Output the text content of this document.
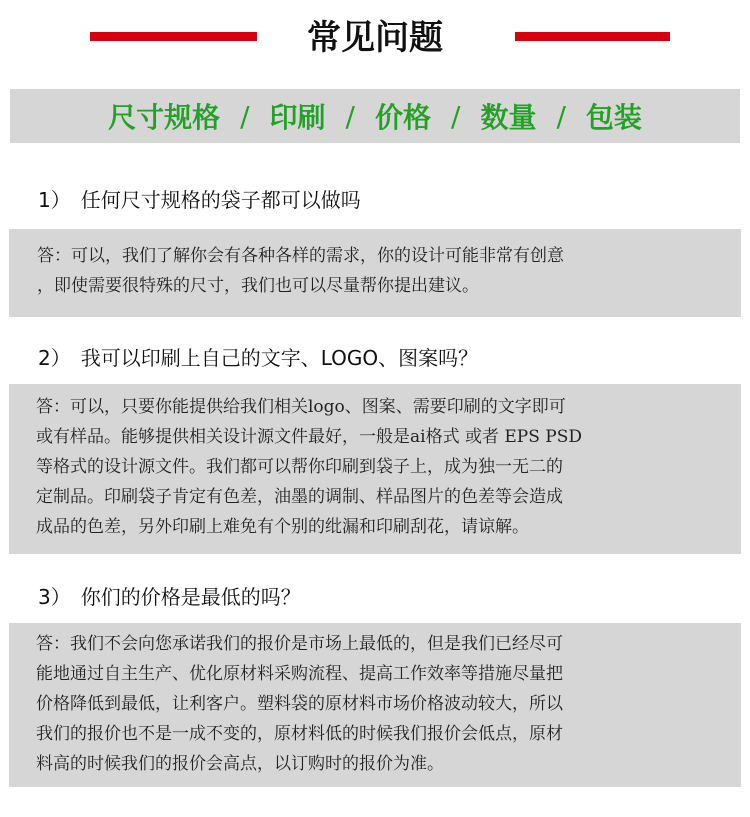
常见问题
尺寸规格 / 印刷 / 价格 / 数量 / 包装
1） 任何尺寸规格的袋子都可以做吗
答：可以，我们了解你会有各种各样的需求，你的设计可能非常有创意
，即使需要很特殊的尺寸，我们也可以尽量帮你提出建议。
2） 我可以印刷上自己的文字、LOGO、图案吗？
答：可以，只要你能提供给我们相关logo、图案、需要印刷的文字即可
或有样品。能够提供相关设计源文件最好，一般是ai格式 或者 EPS PSD
等格式的设计源文件。我们都可以帮你印刷到袋子上，成为独一无二的
定制品。印刷袋子肯定有色差，油墨的调制、样品图片的色差等会造成
成品的色差，另外印刷上难免有个别的纰漏和印刷刮花，请谅解。
3） 你们的价格是最低的吗？
答：我们不会向您承诺我们的报价是市场上最低的，但是我们已经尽可
能地通过自主生产、优化原材料采购流程、提高工作效率等措施尽量把
价格降低到最低，让利客户。塑料袋的原材料市场价格波动较大，所以
我们的报价也不是一成不变的，原材料低的时候我们报价会低点，原材
料高的时候我们的报价会高点，以订购时的报价为准。
